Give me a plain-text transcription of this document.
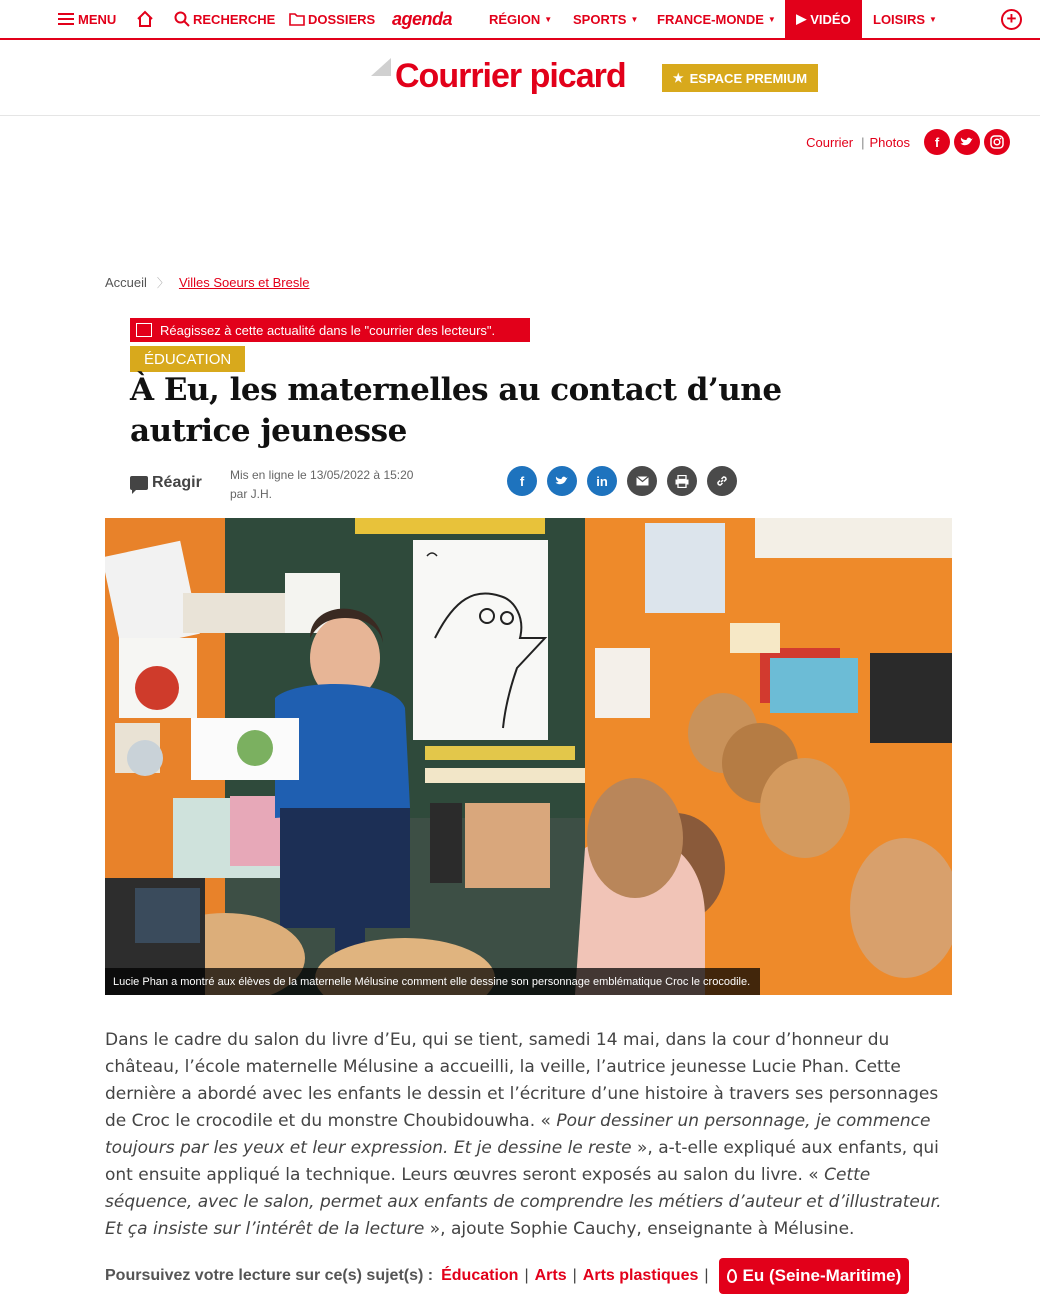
MENU	RECHERCHE	DOSSIERS agenda	RÉGION ▼ SPORTS ▼ FRANCE-MONDE ▼ ▶ VIDÉO LOISIRS ▼	+
Courrier picard	★ ESPACE PREMIUM
Courrier | Photos	f
Accueil 〉 Villes Soeurs et Bresle
Réagissez à cette actualité dans le "courrier des lecteurs".
ÉDUCATION
À Eu, les maternelles au contact d’une autrice jeunesse
Réagir Mis en ligne le 13/05/2022 à 15:20
par J.H.
f	in
Lucie Phan a montré aux élèves de la maternelle Mélusine comment elle dessine son personnage emblématique Croc le crocodile.
Dans le cadre du salon du livre d’Eu, qui se tient, samedi 14 mai, dans la cour d’honneur du château, l’école maternelle Mélusine a accueilli, la veille, l’autrice jeunesse Lucie Phan. Cette dernière a abordé avec les enfants le dessin et l’écriture d’une histoire à travers ses personnages de Croc le crocodile et du monstre Choubidouwha. « Pour dessiner un personnage, je commence toujours par les yeux et leur expression. Et je dessine le reste », a-t-elle expliqué aux enfants, qui ont ensuite appliqué la technique. Leurs œuvres seront exposés au salon du livre. « Cette séquence, avec le salon, permet aux enfants de comprendre les métiers d’auteur et d’illustrateur. Et ça insiste sur l’intérêt de la lecture », ajoute Sophie Cauchy, enseignante à Mélusine.
Poursuivez votre lecture sur ce(s) sujet(s) : Éducation | Arts | Arts plastiques | Eu (Seine-Maritime)
